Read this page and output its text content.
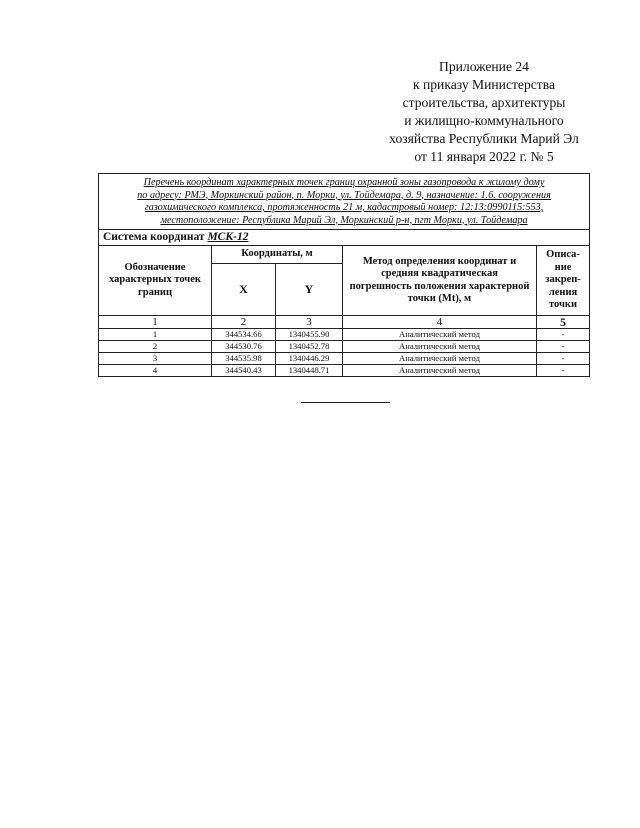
Приложение 24
к приказу Министерства
строительства, архитектуры
и жилищно-коммунального
хозяйства Республики Марий Эл
от 11 января 2022 г. № 5
Перечень координат характерных точек границ охранной зоны газопровода к жилому дому
по адресу: РМЭ, Моркинский район, п. Морки, ул. Тойдемара, д. 9, назначение: 1.6. сооружения
газохимического комплекса, протяженность 21 м, кадастровый номер: 12:13:0990115:553,
местоположение: Республика Марий Эл, Моркинский р-н, пгт Морки, ул. Тойдемара				

Система координат МСК-12				
Обозначение характерных точек границ	Координаты, м		Метод определения координат и средняя квадратическая погрешность положения характерной точки (Mt), м	Описа-ние закреп-ления точки
	X	Y		
1	2	3	4	5
1	344534.66	1340455.90	Аналитический метод	-
2	344530.76	1340452.78	Аналитический метод	-
3	344535.98	1340446.29	Аналитический метод	-
4	344540.43	1340448.71	Аналитический метод	-
